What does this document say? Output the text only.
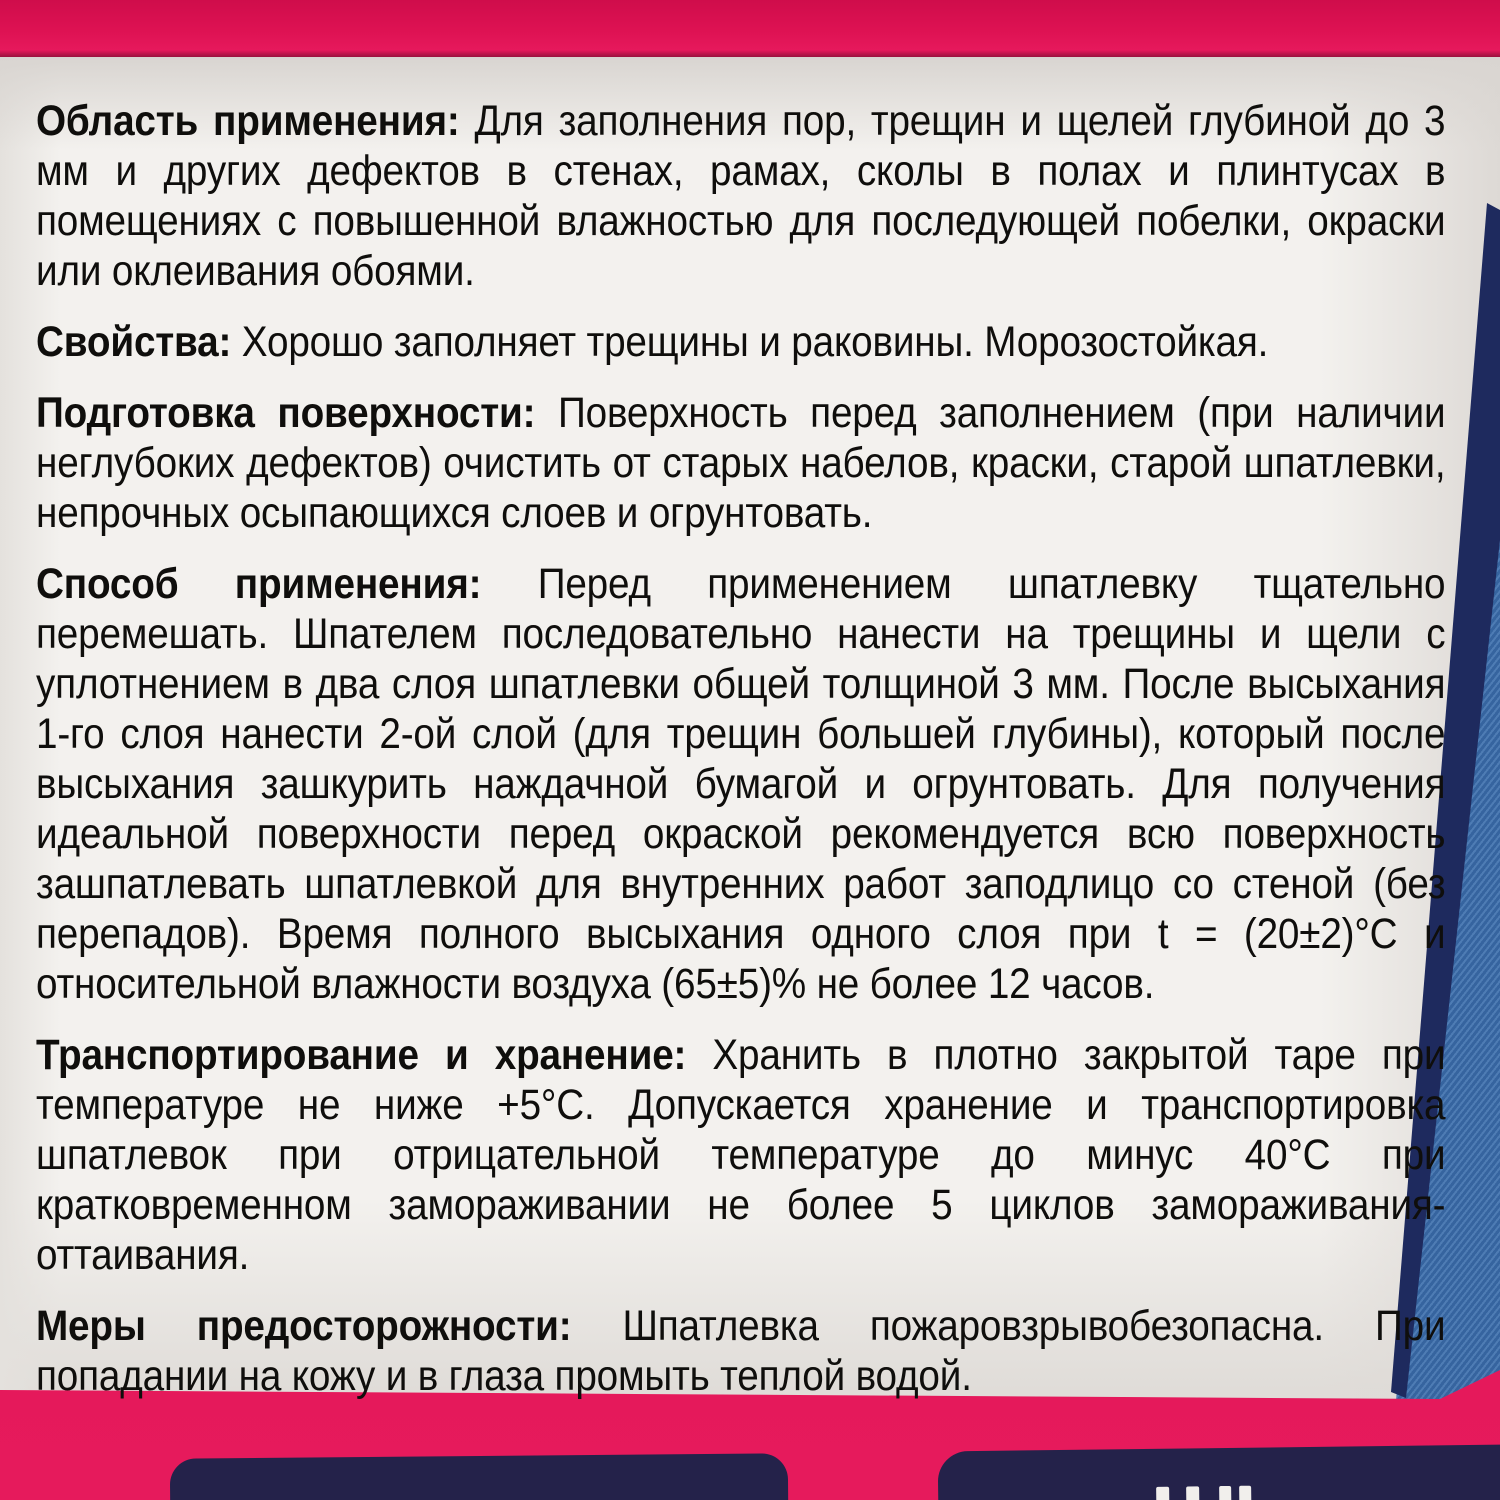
Область применения: Для заполнения пор, трещин и щелей глубиной до 3 мм и других дефектов в стенах, рамах, сколы в полах и плинтусах в помещениях с повышенной влажностью для последующей побелки, окраски или оклеивания обоями.

Свойства: Хорошо заполняет трещины и раковины. Морозостойкая.

Подготовка поверхности: Поверхность перед заполнением (при наличии неглубоких дефектов) очистить от старых набелов, краски, старой шпатлевки, непрочных осыпающихся слоев и огрунтовать.

Способ применения: Перед применением шпатлевку тщательно перемешать. Шпателем последовательно нанести на трещины и щели с уплотнением в два слоя шпатлевки общей толщиной 3 мм. После высыхания 1-го слоя нанести 2-ой слой (для трещин большей глубины), который после высыхания зашкурить наждачной бумагой и огрунтовать. Для получения идеальной поверхности перед окраской рекомендуется всю поверхность зашпатлевать шпатлевкой для внутренних работ заподлицо со стеной (без перепадов). Время полного высыхания одного слоя при t = (20±2)°С и относительной влажности воздуха (65±5)% не более 12 часов.

Транспортирование и хранение: Хранить в плотно закрытой таре при температуре не ниже +5°С. Допускается хранение и транспортировка шпатлевок при отрицательной температуре до минус 40°С при кратковременном замораживании не более 5 циклов замораживания-оттаивания.

Меры предосторожности: Шпатлевка пожаровзрывобезопасна. При попадании на кожу и в глаза промыть теплой водой.
